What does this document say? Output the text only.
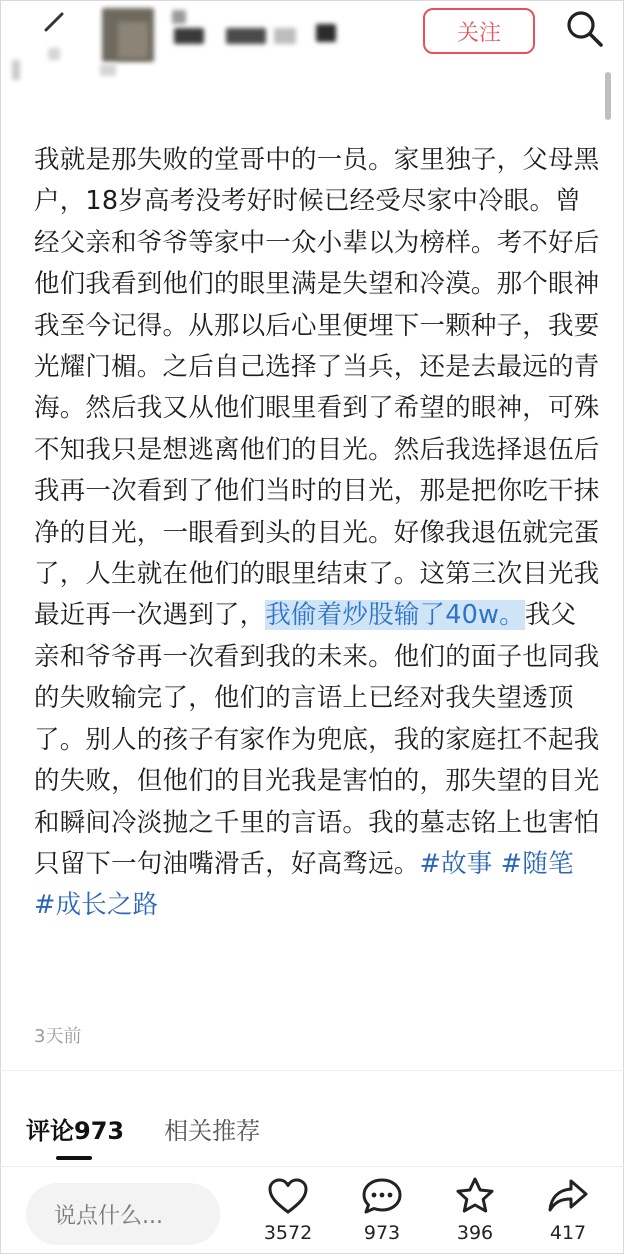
关注
我就是那失败的堂哥中的一员。家里独子，父母黑户，18岁高考没考好时候已经受尽家中冷眼。曾经父亲和爷爷等家中一众小辈以为榜样。考不好后他们我看到他们的眼里满是失望和冷漠。那个眼神我至今记得。从那以后心里便埋下一颗种子，我要光耀门楣。之后自己选择了当兵，还是去最远的青海。然后我又从他们眼里看到了希望的眼神，可殊不知我只是想逃离他们的目光。然后我选择退伍后我再一次看到了他们当时的目光，那是把你吃干抹净的目光，一眼看到头的目光。好像我退伍就完蛋了，人生就在他们的眼里结束了。这第三次目光我最近再一次遇到了，我偷着炒股输了40w。我父亲和爷爷再一次看到我的未来。他们的面子也同我的失败输完了，他们的言语上已经对我失望透顶了。别人的孩子有家作为兜底，我的家庭扛不起我的失败，但他们的目光我是害怕的，那失望的目光和瞬间冷淡抛之千里的言语。我的墓志铭上也害怕只留下一句油嘴滑舌，好高骛远。#故事 #随笔 #成长之路
3天前
评论973 相关推荐
说点什么...
3572	973	396	417
